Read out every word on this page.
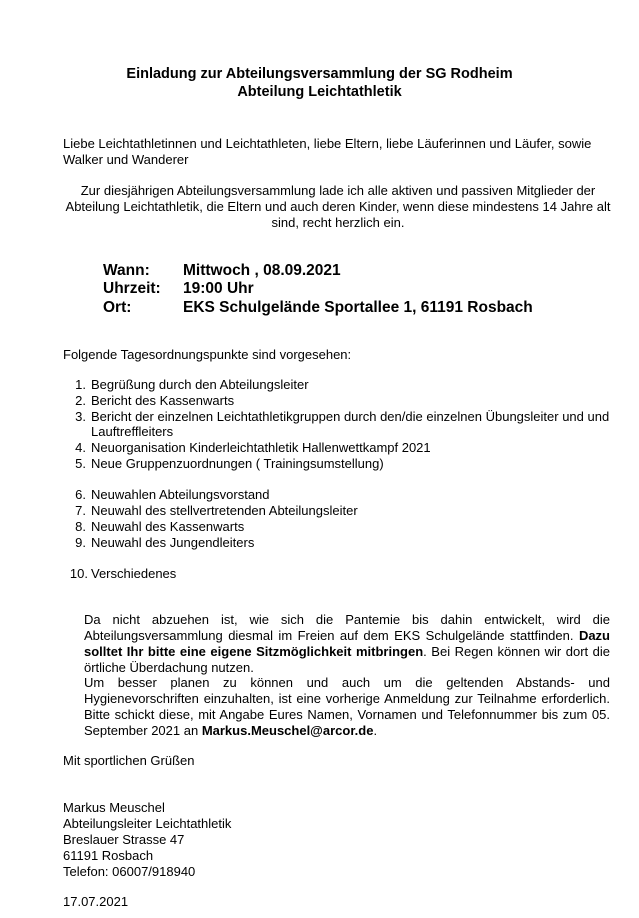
Einladung zur Abteilungsversammlung der SG Rodheim
Abteilung Leichtathletik
Liebe Leichtathletinnen und Leichtathleten, liebe Eltern, liebe Läuferinnen und Läufer, sowie Walker und Wanderer
Zur diesjährigen Abteilungsversammlung lade ich alle aktiven und passiven Mitglieder der Abteilung Leichtathletik, die Eltern und auch deren Kinder, wenn diese mindestens 14 Jahre alt sind, recht herzlich ein.
Wann: Mittwoch , 08.09.2021
Uhrzeit: 19:00 Uhr
Ort:	EKS Schulgelände Sportallee 1, 61191 Rosbach
Folgende Tagesordnungspunkte sind vorgesehen:
1. Begrüßung durch den Abteilungsleiter
2. Bericht des Kassenwarts
3. Bericht der einzelnen Leichtathletikgruppen durch den/die einzelnen Übungsleiter und und Lauftreffleiters
4. Neuorganisation Kinderleichtathletik Hallenwettkampf 2021
5. Neue Gruppenzuordnungen ( Trainingsumstellung)
6. Neuwahlen Abteilungsvorstand
7. Neuwahl des stellvertretenden Abteilungsleiter
8. Neuwahl des Kassenwarts
9. Neuwahl des Jungendleiters
10. Verschiedenes
Da nicht abzuehen ist, wie sich die Pantemie bis dahin entwickelt, wird die Abteilungsversammlung diesmal im Freien auf dem EKS Schulgelände stattfinden. Dazu solltet Ihr bitte eine eigene Sitzmöglichkeit mitbringen. Bei Regen können wir dort die örtliche Überdachung nutzen.
Um besser planen zu können und auch um die geltenden Abstands- und Hygienevorschriften einzuhalten, ist eine vorherige Anmeldung zur Teilnahme erforderlich. Bitte schickt diese, mit Angabe Eures Namen, Vornamen und Telefonnummer bis zum 05. September 2021 an Markus.Meuschel@arcor.de.
Mit sportlichen Grüßen
Markus Meuschel
Abteilungsleiter Leichtathletik
Breslauer Strasse 47
61191 Rosbach
Telefon: 06007/918940
17.07.2021
